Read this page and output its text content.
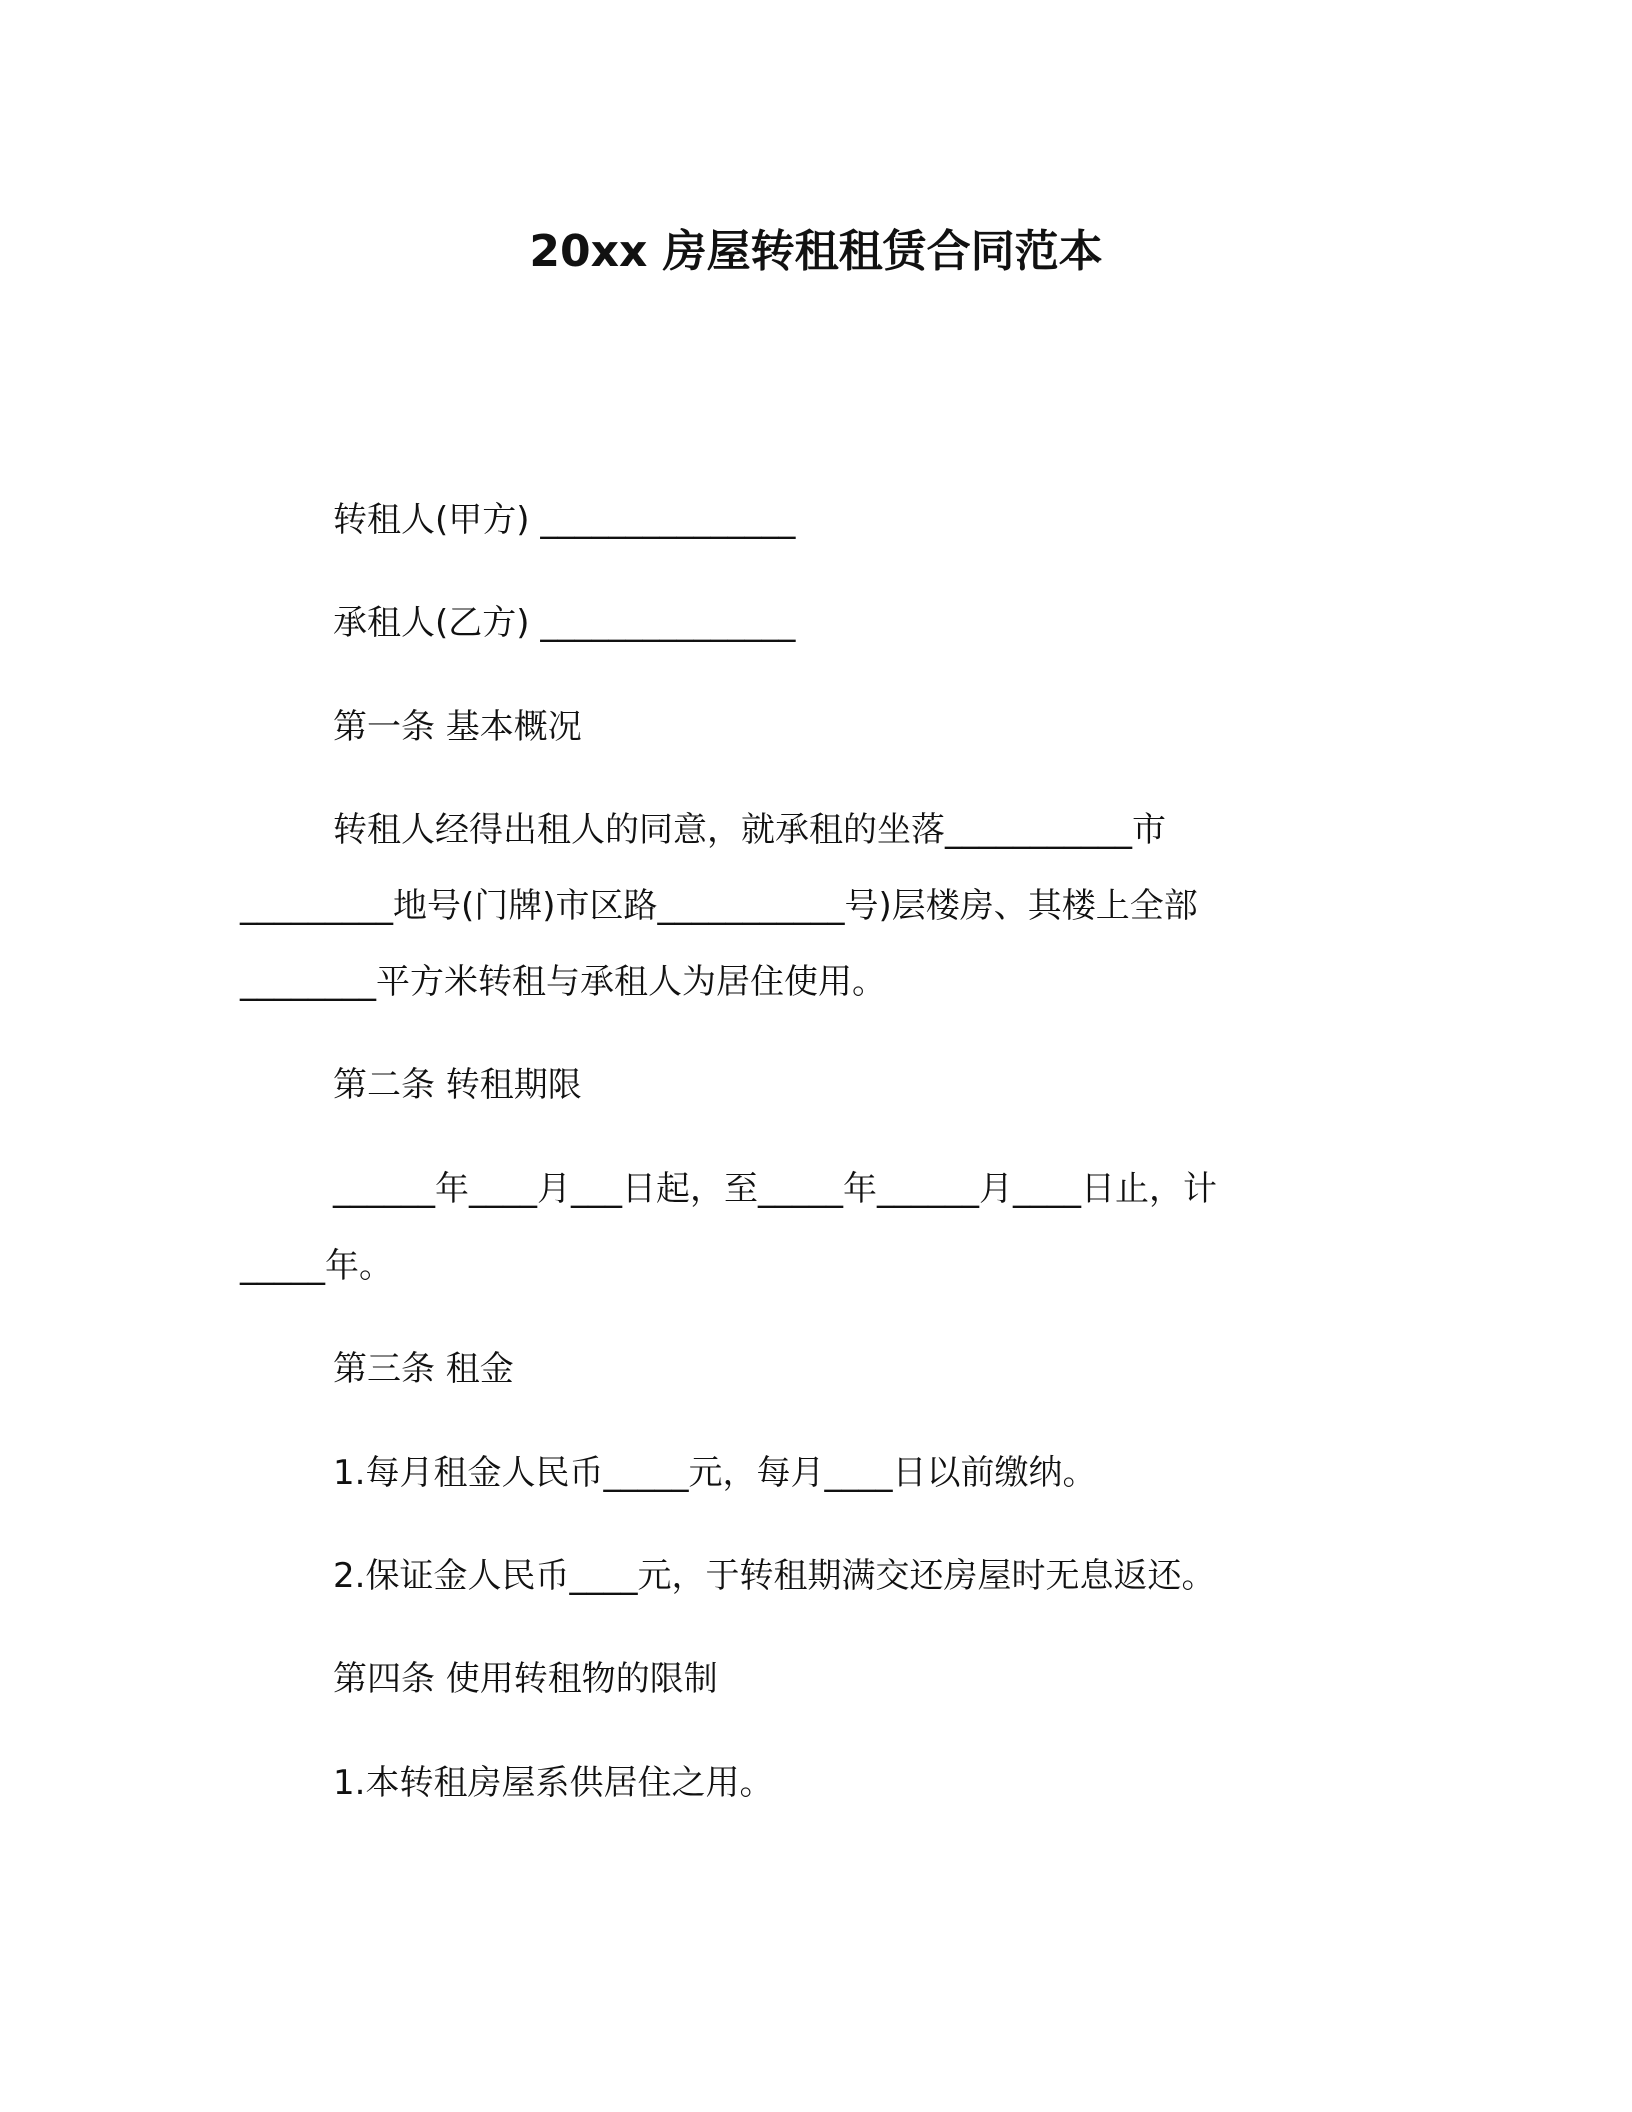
20xx 房屋转租租赁合同范本
转租人(甲方) _______________
承租人(乙方) _______________
第一条 基本概况
转租人经得出租人的同意，就承租的坐落___________市
_________地号(门牌)市区路___________号)层楼房、其楼上全部
________平方米转租与承租人为居住使用。
第二条 转租期限
______年____月___日起，至_____年______月____日止，计
_____年。
第三条 租金
1.每月租金人民币_____元，每月____日以前缴纳。
2.保证金人民币____元，于转租期满交还房屋时无息返还。
第四条 使用转租物的限制
1.本转租房屋系供居住之用。
